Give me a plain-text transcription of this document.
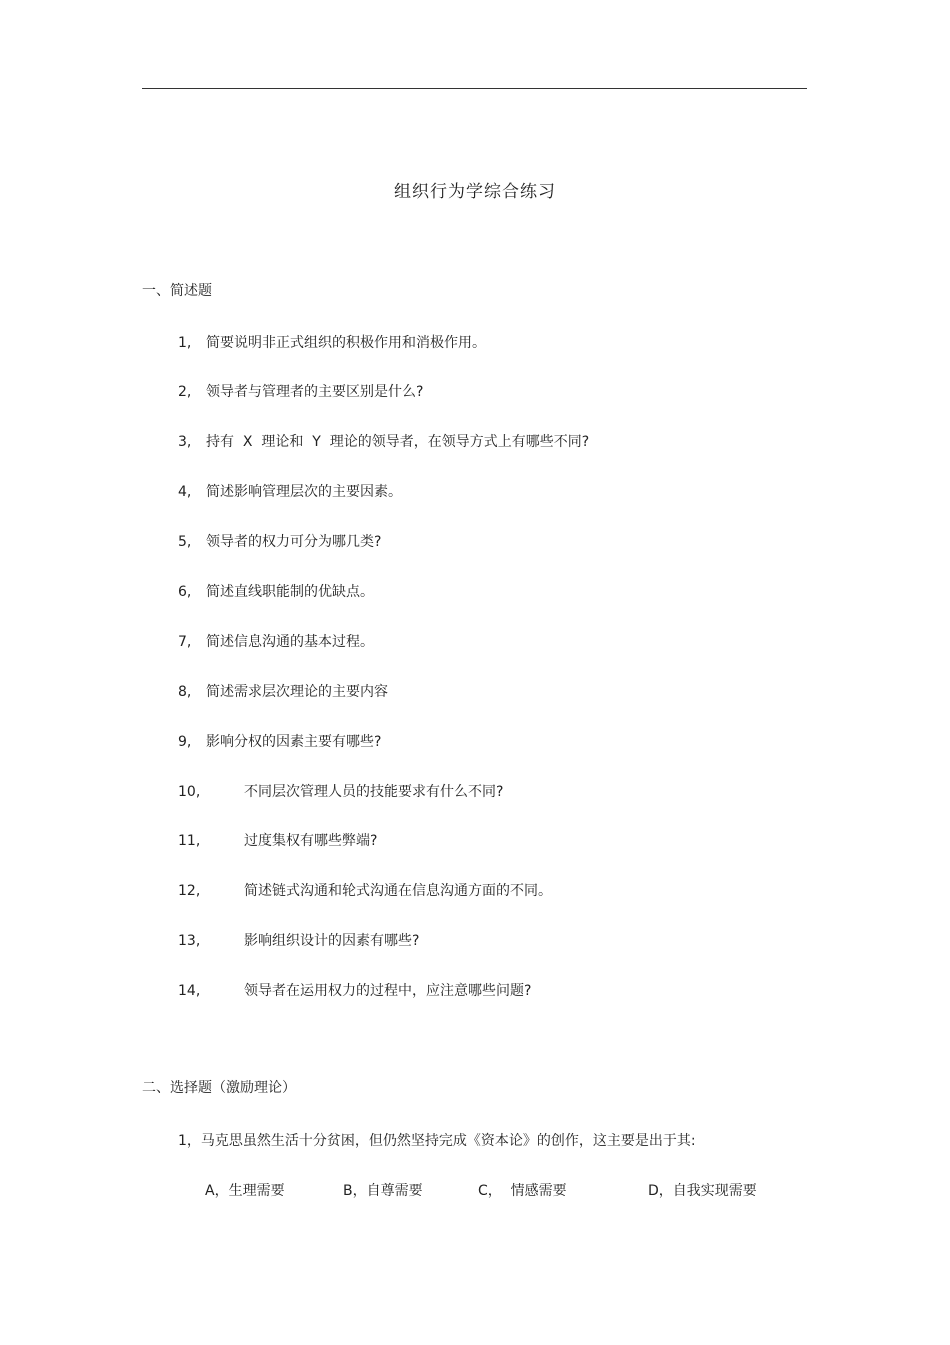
组织行为学综合练习
一、简述题
1, 简要说明非正式组织的积极作用和消极作用。
2, 领导者与管理者的主要区别是什么?
3, 持有  X  理论和  Y  理论的领导者，在领导方式上有哪些不同?
4, 简述影响管理层次的主要因素。
5, 领导者的权力可分为哪几类?
6, 简述直线职能制的优缺点。
7, 简述信息沟通的基本过程。
8, 简述需求层次理论的主要内容
9, 影响分权的因素主要有哪些?
10,	不同层次管理人员的技能要求有什么不同?
11,	过度集权有哪些弊端?
12,	简述链式沟通和轮式沟通在信息沟通方面的不同。
13,	影响组织设计的因素有哪些?
14,	领导者在运用权力的过程中，应注意哪些问题?
二、选择题（激励理论）
1，马克思虽然生活十分贫困，但仍然坚持完成《资本论》的创作，这主要是出于其:
A，生理需要	B，自尊需要	C，  情感需要	D，自我实现需要
